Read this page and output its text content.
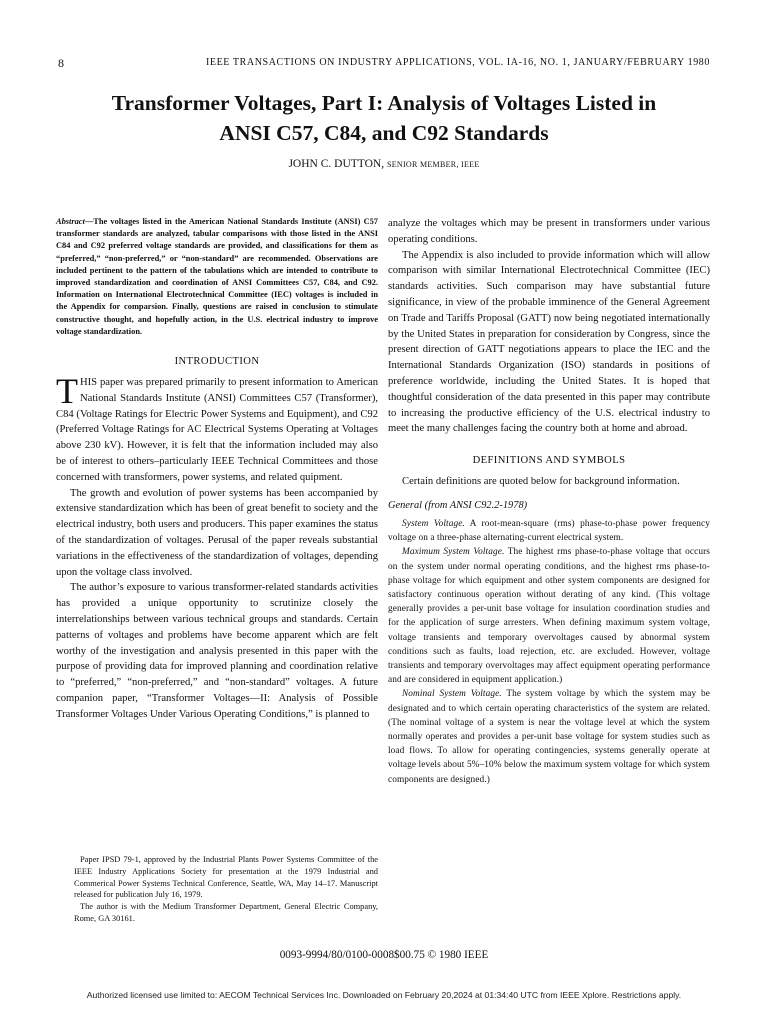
8	IEEE TRANSACTIONS ON INDUSTRY APPLICATIONS, VOL. IA-16, NO. 1, JANUARY/FEBRUARY 1980
Transformer Voltages, Part I: Analysis of Voltages Listed in
ANSI C57, C84, and C92 Standards
JOHN C. DUTTON, SENIOR MEMBER, IEEE

Abstract—The voltages listed in the American National Standards Institute (ANSI) C57 transformer standards are analyzed, tabular comparisons with those listed in the ANSI C84 and C92 preferred voltage standards are provided, and classifications for them as “preferred,” “non-preferred,” or “non-standard” are recommended. Observations are included pertinent to the pattern of the tabulations which are intended to contribute to improved standardization and coordination of ANSI Committees C57, C84, and C92. Information on International Electrotechnical Committee (IEC) voltages is included in the Appendix for comparsion. Finally, questions are raised in conclusion to stimulate constructive thought, and hopefully action, in the U.S. electrical industry to improve voltage standardization.

INTRODUCTION

THIS paper was prepared primarily to present information to American National Standards Institute (ANSI) Committees C57 (Transformer), C84 (Voltage Ratings for Electric Power Systems and Equipment), and C92 (Preferred Voltage Ratings for AC Electrical Systems Operating at Voltages above 230 kV). However, it is felt that the information included may also be of interest to others–particularly IEEE Technical Committees and those concerned with transformers, power systems, and related quipment.

The growth and evolution of power systems has been accompanied by extensive standardization which has been of great benefit to society and the electrical industry, both users and producers. This paper examines the status of the standardization of voltages. Perusal of the paper reveals substantial variations in the effectiveness of the standardization of voltages, depending upon the voltage class involved.

The author’s exposure to various transformer-related standards activities has provided a unique opportunity to scrutinize closely the interrelationships between various technical groups and standards. Certain patterns of voltages and problems have become apparent which are felt worthy of the investigation and analysis presented in this paper with the purpose of providing data for improved planning and coordination relative to “preferred,” “non-preferred,” and “non-standard” voltages. A future companion paper, “Transformer Voltages—II: Analysis of Possible Transformer Voltages Under Various Operating Conditions,” is planned to

Paper IPSD 79-1, approved by the Industrial Plants Power Systems Committee of the IEEE Industry Applications Society for presentation at the 1979 Industrial and Commerical Power Systems Technical Conference, Seattle, WA, May 14–17. Manuscript released for publication July 16, 1979.

The author is with the Medium Transformer Department, General Electric Company, Rome, GA 30161.

analyze the voltages which may be present in transformers under various operating conditions.

The Appendix is also included to provide information which will allow comparison with similar International Electrotechnical Committee (IEC) standards activities. Such comparison may have substantial future significance, in view of the probable imminence of the General Agreement on Trade and Tariffs Proposal (GATT) now being negotiated internationally by the United States in preparation for consideration by Congress, since the present direction of GATT negotiations appears to place the IEC and the International Standards Organization (ISO) standards in positions of preference worldwide, including the United States. It is hoped that thoughtful consideration of the data presented in this paper may contribute to increasing the productive efficiency of the U.S. electrical industry to meet the many challenges facing the country both at home and abroad.

DEFINITIONS AND SYMBOLS

Certain definitions are quoted below for background information.

General (from ANSI C92.2-1978)

System Voltage. A root-mean-square (rms) phase-to-phase power frequency voltage on a three-phase alternating-current electrical system.

Maximum System Voltage. The highest rms phase-to-phase voltage that occurs on the system under normal operating conditions, and the highest rms phase-to-phase voltage for which equipment and other system components are designed for satisfactory continuous operation without derating of any kind. (This voltage generally provides a per-unit base voltage for insulation coordination studies and for the application of surge arresters. When defining maximum system voltage, voltage transients and temporary overvoltages caused by abnormal system conditions such as faults, load rejection, etc. are excluded. However, voltage transients and temporary overvoltages may affect equipment operating performance and are considered in equipment application.)

Nominal System Voltage. The system voltage by which the system may be designated and to which certain operating characteristics of the system are related. (The nominal voltage of a system is near the voltage level at which the system normally operates and provides a per-unit base voltage for system studies such as load flows. To allow for operating contingencies, systems generally operate at voltage levels about 5%–10% below the maximum system voltage for which system components are designed.)

0093-9994/80/0100-0008$00.75 © 1980 IEEE
Authorized licensed use limited to: AECOM Technical Services Inc. Downloaded on February 20,2024 at 01:34:40 UTC from IEEE Xplore. Restrictions apply.
